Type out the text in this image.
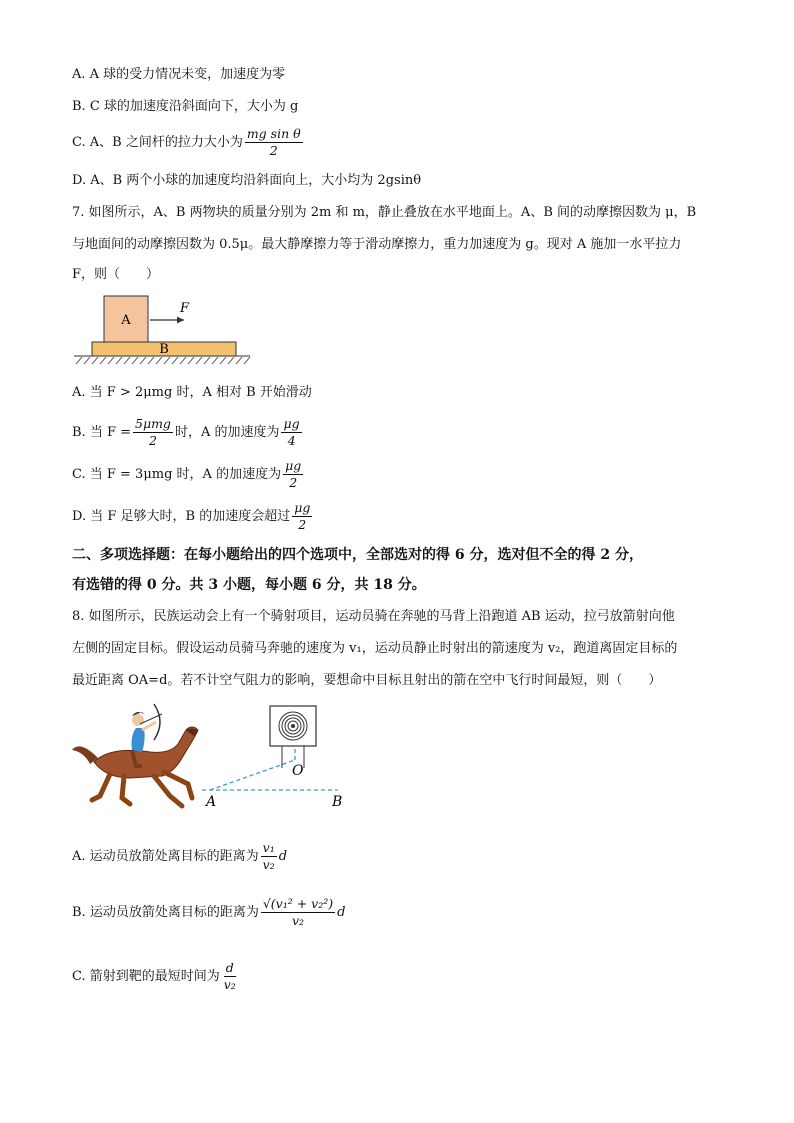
A. A 球的受力情况未变，加速度为零
B. C 球的加速度沿斜面向下，大小为 g
C. A、B 之间杆的拉力大小为 $\frac{\text{mg sin θ}}{2}$
D. A、B 两个小球的加速度均沿斜面向上，大小均为 2gsinθ
7. 如图所示，A、B 两物块的质量分别为 2m 和 m，静止叠放在水平地面上。A、B 间的动摩擦因数为 μ，B
与地面间的动摩擦因数为 0.5μ。最大静摩擦力等于滑动摩擦力，重力加速度为 g。现对 A 施加一水平拉力
F，则（　　）
A
F
B
A. 当 F > 2μmg 时，A 相对 B 开始滑动
B. 当 $F = \frac{\text{5μmg}}{2}$ 时，A 的加速度为 $\frac{\mu g}{4}$
C. 当 F = 3μmg 时，A 的加速度为 $\frac{\mu g}{2}$
D. 当 F 足够大时，B 的加速度会超过 $\frac{\mu g}{2}$
二、多项选择题：在每小题给出的四个选项中，全部选对的得 6 分，选对但不全的得 2 分，
有选错的得 0 分。共 3 小题，每小题 6 分，共 18 分。
8. 如图所示，民族运动会上有一个骑射项目，运动员骑在奔驰的马背上沿跑道 AB 运动，拉弓放箭射向他
左侧的固定目标。假设运动员骑马奔驰的速度为 v₁，运动员静止时射出的箭速度为 v₂，跑道离固定目标的
最近距离 OA=d。若不计空气阻力的影响，要想命中目标且射出的箭在空中飞行时间最短，则（　　）
O
A	B
A. 运动员放箭处离目标的距离为 $\frac{\text{v₁}}{\text{v₂}}$ d
B. 运动员放箭处离目标的距离为 $\frac{\text{√(v₁² + v₂²)}}{\text{v₂}}$ d
C. 箭射到靶的最短时间为 $\frac{d}{\text{v₂}}$
